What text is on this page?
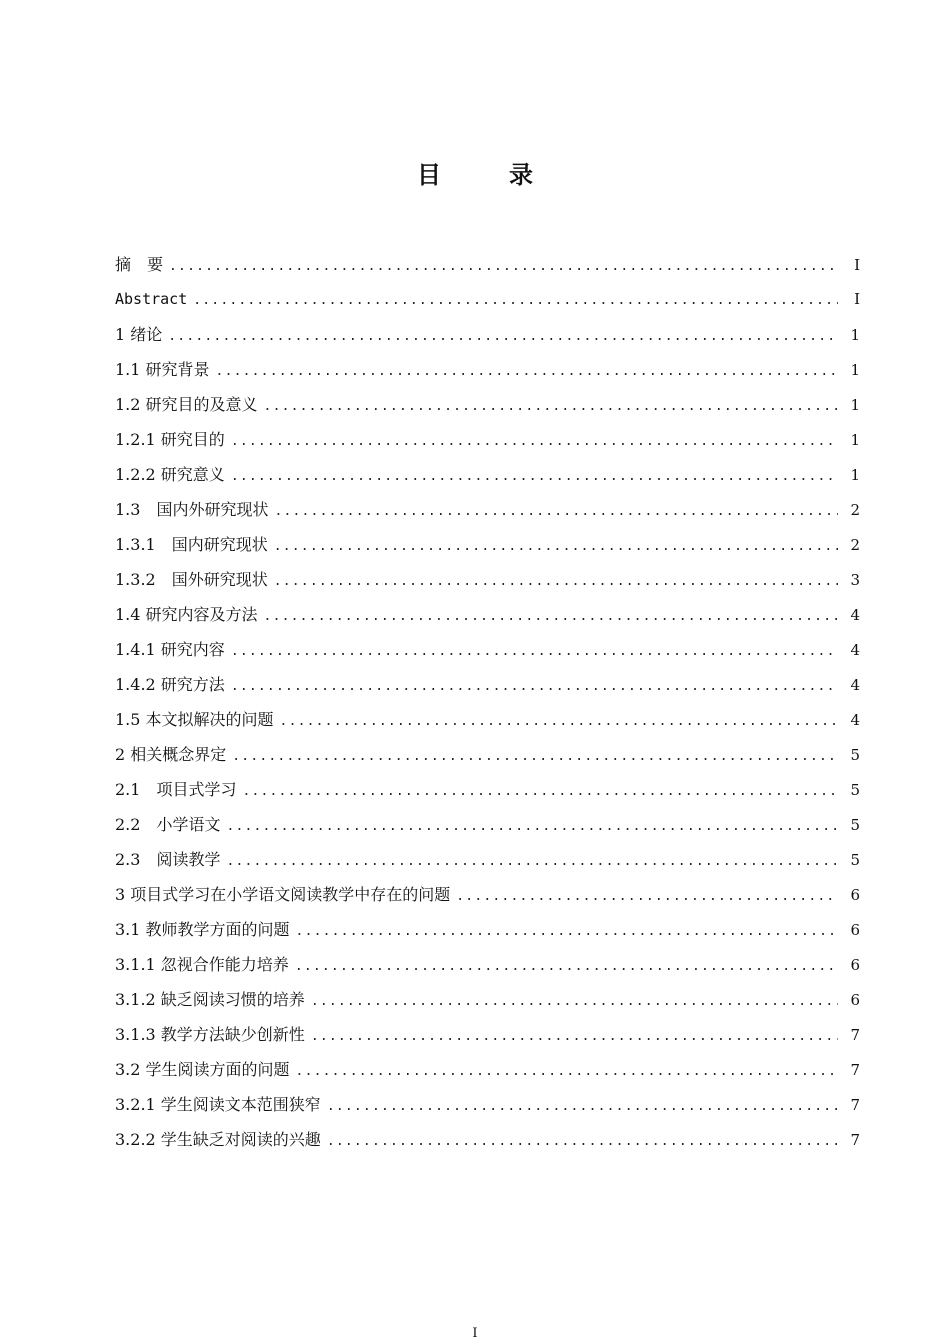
目　录
摘　要 .....	I
Abstract .....	I
1 绪论 .....	1
1.1 研究背景 .....	1
1.2 研究目的及意义 .....	1
1.2.1 研究目的 .....	1
1.2.2 研究意义 .....	1
1.3　国内外研究现状 .....	2
1.3.1　国内研究现状 .....	2
1.3.2　国外研究现状 .....	3
1.4 研究内容及方法 .....	4
1.4.1 研究内容 .....	4
1.4.2 研究方法 .....	4
1.5 本文拟解决的问题 .....	4
2 相关概念界定 .....	5
2.1　项目式学习 .....	5
2.2　小学语文 .....	5
2.3　阅读教学 .....	5
3 项目式学习在小学语文阅读教学中存在的问题 .....	6
3.1 教师教学方面的问题 .....	6
3.1.1 忽视合作能力培养 .....	6
3.1.2 缺乏阅读习惯的培养 .....	6
3.1.3 教学方法缺少创新性 .....	7
3.2 学生阅读方面的问题 .....	7
3.2.1 学生阅读文本范围狭窄 .....	7
3.2.2 学生缺乏对阅读的兴趣 .....	7
I
